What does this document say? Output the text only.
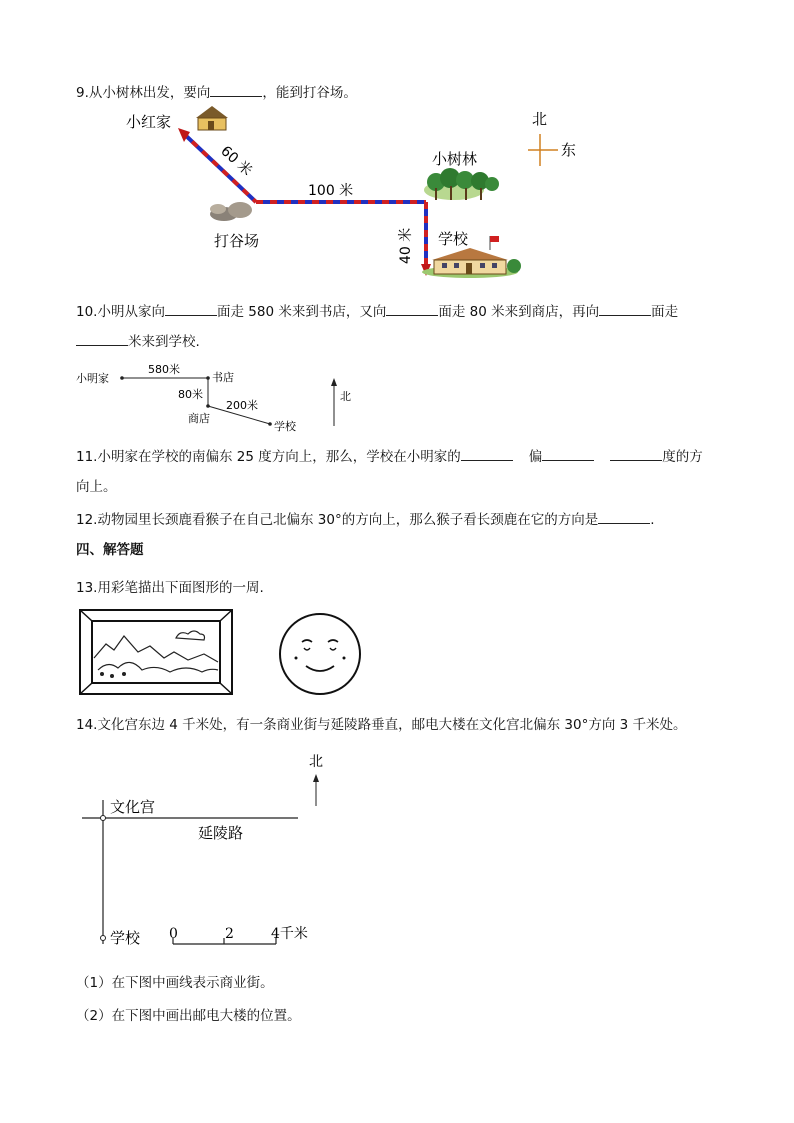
9.从小树林出发，要向	，能到打谷场。
小红家
60 米
100 米
40 米
打谷场
小树林
学校
北
东
10.小明从家向	面走 580 米来到书店，又向	面走 80 米来到商店，再向	面走
米来到学校.
小明家
580米
书店
80米
商店
200米
学校
北
11.小明家在学校的南偏东 25 度方向上，那么，学校在小明家的	偏	度的方
向上。
12.动物园里长颈鹿看猴子在自己北偏东 30°的方向上，那么猴子看长颈鹿在它的方向是	.
四、解答题
13.用彩笔描出下面图形的一周.
14.文化宫东边 4 千米处，有一条商业街与延陵路垂直，邮电大楼在文化宫北偏东 30°方向 3 千米处。
北
文化宫
延陵路
学校 0	2	4千米
（1）在下图中画线表示商业街。
（2）在下图中画出邮电大楼的位置。
